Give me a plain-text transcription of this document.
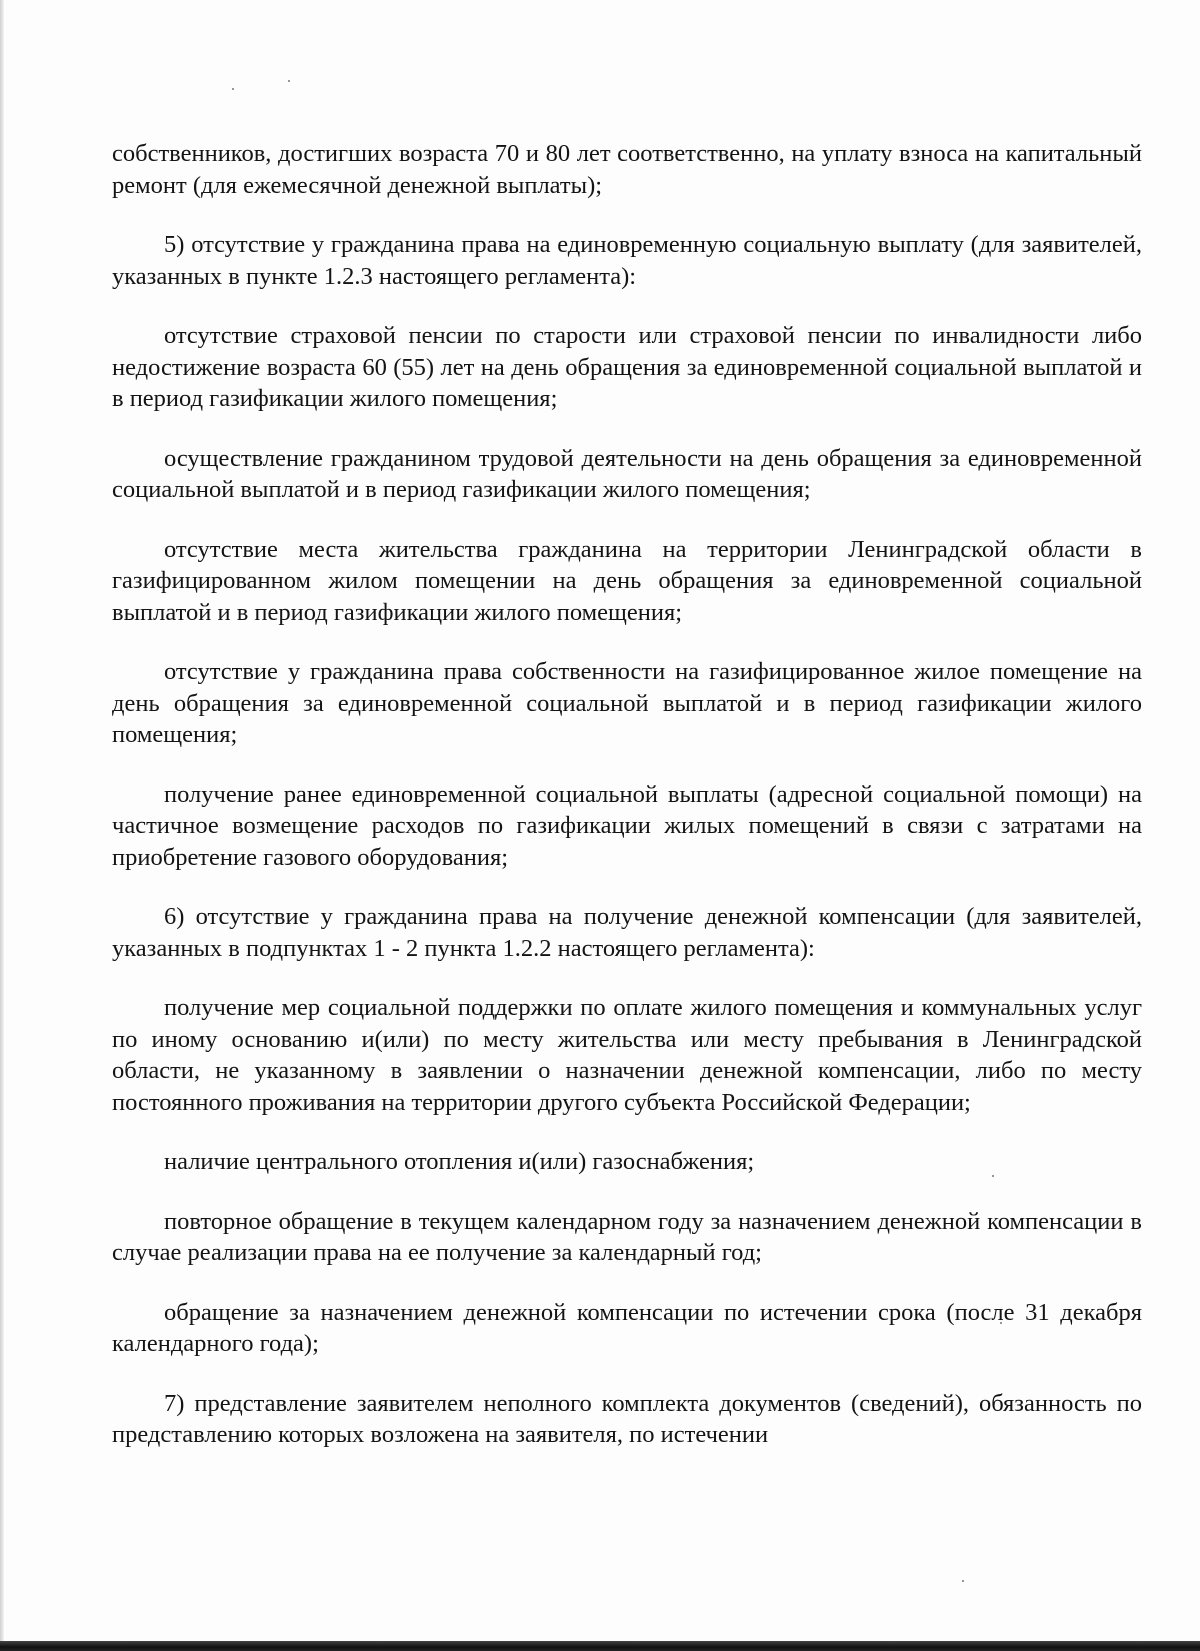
собственников, достигших возраста 70 и 80 лет соответственно, на уплату взноса на капитальный ремонт (для ежемесячной денежной выплаты);

5) отсутствие у гражданина права на единовременную социальную выплату (для заявителей, указанных в пункте 1.2.3 настоящего регламента):

отсутствие страховой пенсии по старости или страховой пенсии по инвалидности либо недостижение возраста 60 (55) лет на день обращения за единовременной социальной выплатой и в период газификации жилого помещения;

осуществление гражданином трудовой деятельности на день обращения за единовременной социальной выплатой и в период газификации жилого помещения;

отсутствие места жительства гражданина на территории Ленинградской области в газифицированном жилом помещении на день обращения за единовременной социальной выплатой и в период газификации жилого помещения;

отсутствие у гражданина права собственности на газифицированное жилое помещение на день обращения за единовременной социальной выплатой и в период газификации жилого помещения;

получение ранее единовременной социальной выплаты (адресной социальной помощи) на частичное возмещение расходов по газификации жилых помещений в связи с затратами на приобретение газового оборудования;

6) отсутствие у гражданина права на получение денежной компенсации (для заявителей, указанных в подпунктах 1 - 2 пункта 1.2.2 настоящего регламента):

получение мер социальной поддержки по оплате жилого помещения и коммунальных услуг по иному основанию и(или) по месту жительства или месту пребывания в Ленинградской области, не указанному в заявлении о назначении денежной компенсации, либо по месту постоянного проживания на территории другого субъекта Российской Федерации;

наличие центрального отопления и(или) газоснабжения;

повторное обращение в текущем календарном году за назначением денежной компенсации в случае реализации права на ее получение за календарный год;

обращение за назначением денежной компенсации по истечении срока (после 31 декабря календарного года);

7) представление заявителем неполного комплекта документов (сведений), обязанность по представлению которых возложена на заявителя, по истечении
